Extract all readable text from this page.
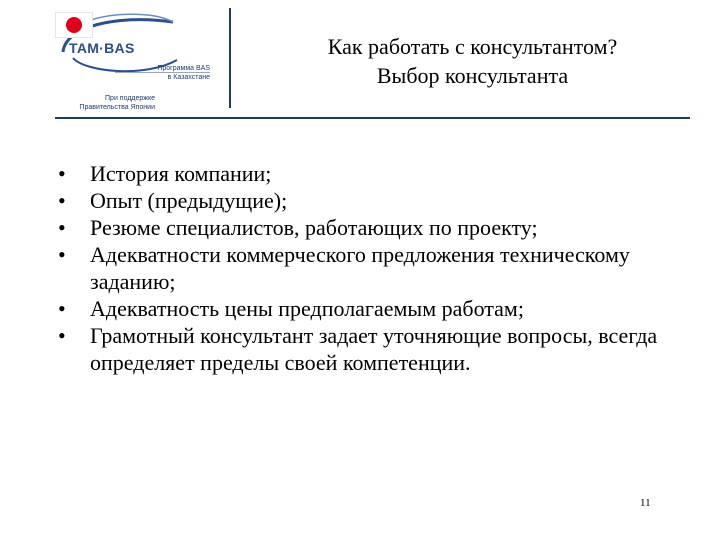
TAM·BAS
Программа BAS
в Казахстане
При поддержке
Правительства Японии
Как работать с консультантом?
Выбор консультанта
•	История компании;
•	Опыт (предыдущие);
•	Резюме специалистов, работающих по проекту;
•	Адекватности коммерческого предложения техническому заданию;
•	Адекватность цены предполагаемым работам;
•	Грамотный консультант задает уточняющие вопросы, всегда определяет пределы своей компетенции.
11
